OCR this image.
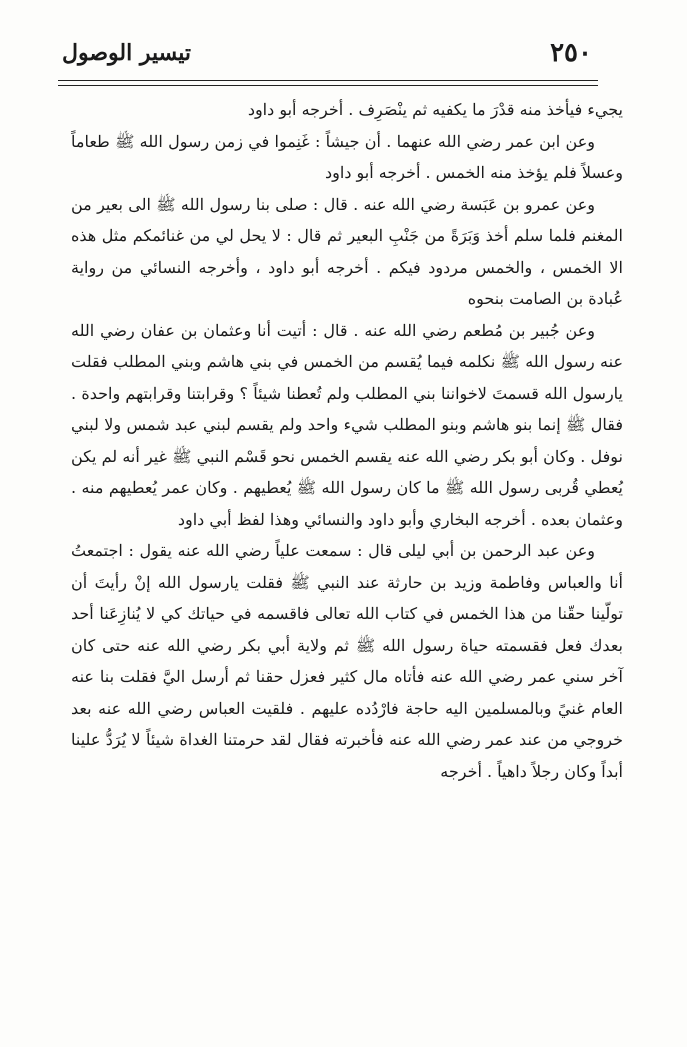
٢٥٠
تيسير الوصول

يجيء فيأخذ منه قدْرَ ما يكفيه ثم ينْصَرِف . أخرجه أبو داود

وعن ابن عمر رضي الله عنهما . أن جيشاً : غَنِموا في زمن رسول الله ﷺ طعاماً وعسلاً فلم يؤخذ منه الخمس . أخرجه أبو داود

وعن عمرو بن عَبَسة رضي الله عنه . قال : صلى بنا رسول الله ﷺ الى بعير من المغنم فلما سلم أخذ وَبَرَةً من جَنْبِ البعير ثم قال : لا يحل لي من غنائمكم مثل هذه الا الخمس ، والخمس مردود فيكم . أخرجه أبو داود ، وأخرجه النسائي من رواية عُبادة بن الصامت بنحوه

وعن جُبير بن مُطعم رضي الله عنه . قال : أتيت أنا وعثمان بن عفان رضي الله عنه رسول الله ﷺ نكلمه فيما يُقسم من الخمس في بني هاشم وبني المطلب فقلت يارسول الله قسمتَ لاخواننا بني المطلب ولم تُعطنا شيئاً ؟ وقرابتنا وقرابتهم واحدة . فقال ﷺ إنما بنو هاشم وبنو المطلب شيء واحد ولم يقسم لبني عبد شمس ولا لبني نوفل . وكان أبو بكر رضي الله عنه يقسم الخمس نحو قَسْم النبي ﷺ غير أنه لم يكن يُعطي قُربى رسول الله ﷺ ما كان رسول الله ﷺ يُعطيهم . وكان عمر يُعطيهم منه . وعثمان بعده . أخرجه البخاري وأبو داود والنسائي وهذا لفظ أبي داود

وعن عبد الرحمن بن أبي ليلى قال : سمعت علياً رضي الله عنه يقول : اجتمعتُ أنا والعباس وفاطمة وزيد بن حارثة عند النبي ﷺ فقلت يارسول الله إنْ رأيتَ أن تولّينا حقّنا من هذا الخمس في كتاب الله تعالى فاقسمه في حياتك كي لا يُنازِعَنا أحد بعدك فعل فقسمته حياة رسول الله ﷺ ثم ولاية أبي بكر رضي الله عنه حتى كان آخر سني عمر رضي الله عنه فأتاه مال كثير فعزل حقنا ثم أرسل اليَّ فقلت بنا عنه العام غنيً وبالمسلمين اليه حاجة فارْدُده عليهم . فلقيت العباس رضي الله عنه بعد خروجي من عند عمر رضي الله عنه فأخبرته فقال لقد حرمتنا الغداة شيئاً لا يُرَدُّ علينا أبداً وكان رجلاً داهياً . أخرجه
